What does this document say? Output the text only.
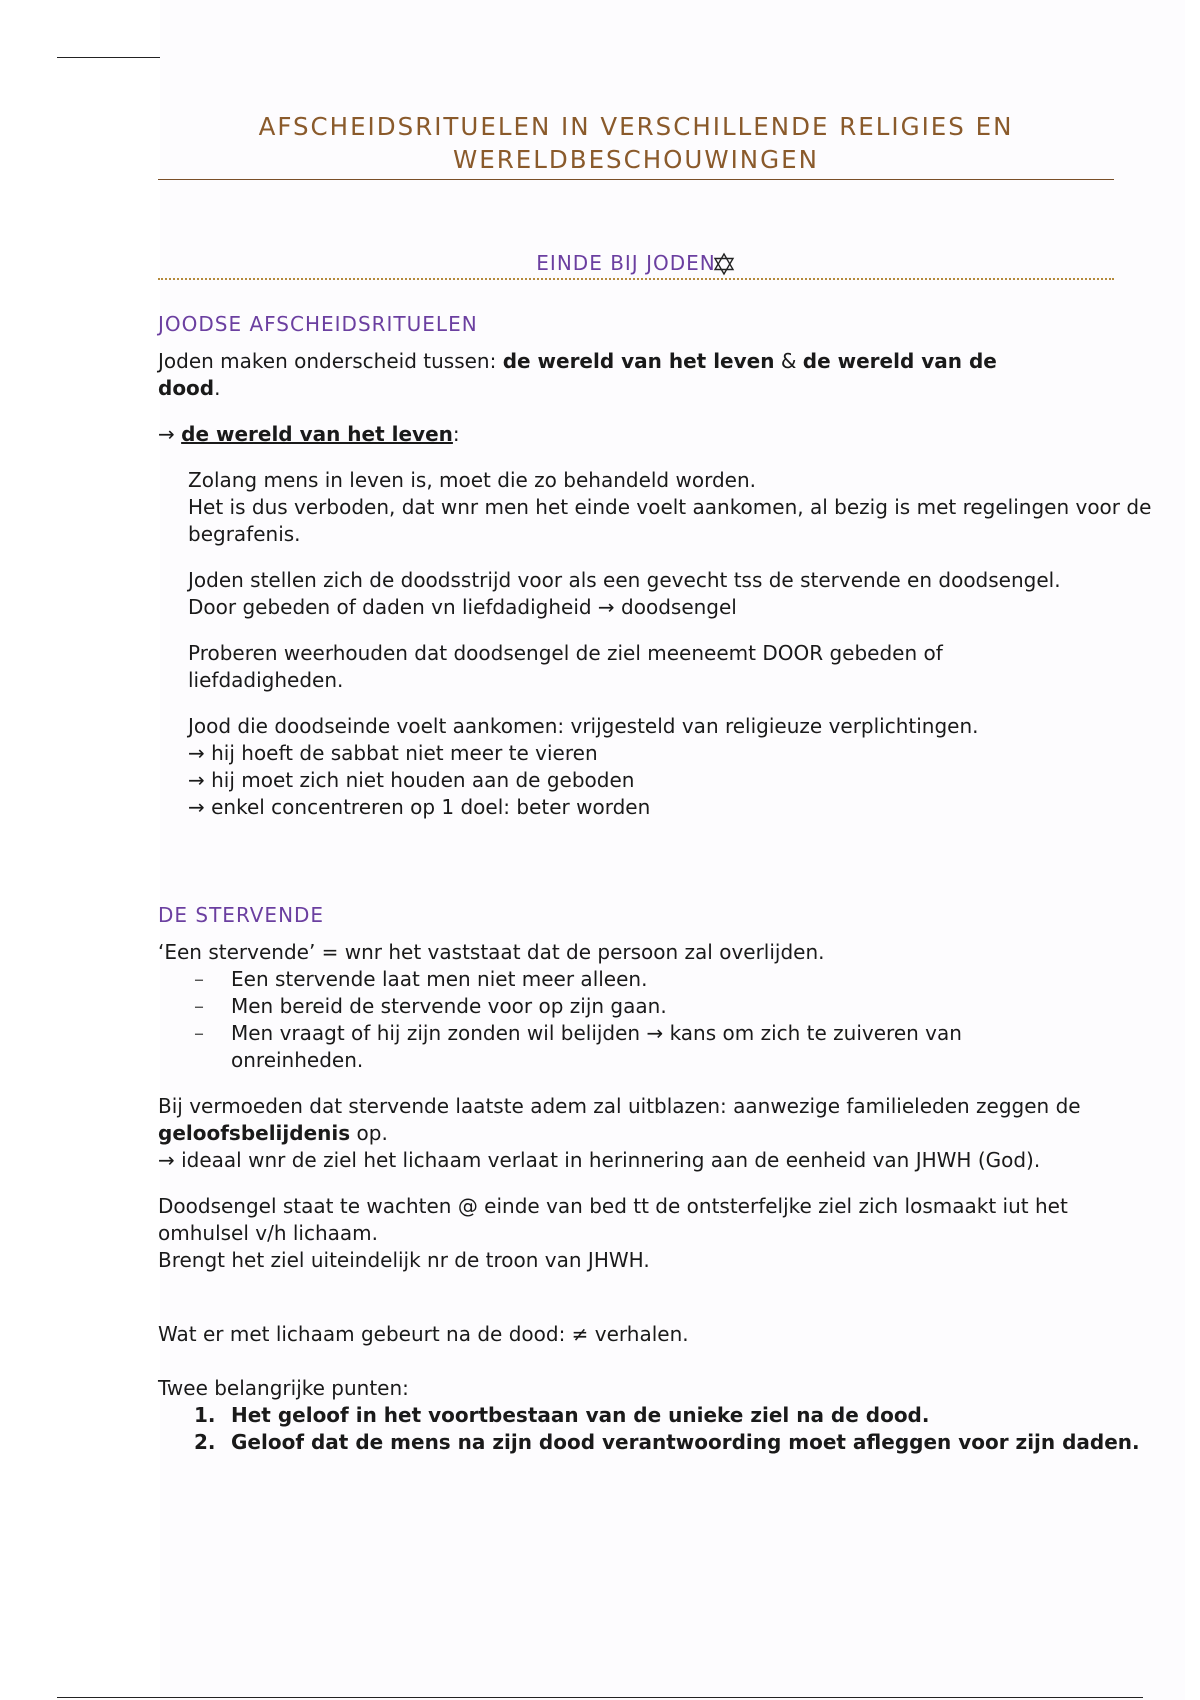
AFSCHEIDSRITUELEN IN VERSCHILLENDE RELIGIES EN WERELDBESCHOUWINGEN
EINDE BIJ JODEN
JOODSE AFSCHEIDSRITUELEN

Joden maken onderscheid tussen: de wereld van het leven & de wereld van de dood.

→ de wereld van het leven:

Zolang mens in leven is, moet die zo behandeld worden.
Het is dus verboden, dat wnr men het einde voelt aankomen, al bezig is met regelingen voor de begrafenis.

Joden stellen zich de doodsstrijd voor als een gevecht tss de stervende en doodsengel.
Door gebeden of daden vn liefdadigheid → doodsengel

Proberen weerhouden dat doodsengel de ziel meeneemt DOOR gebeden of liefdadigheden.

Jood die doodseinde voelt aankomen: vrijgesteld van religieuze verplichtingen.
→ hij hoeft de sabbat niet meer te vieren
→ hij moet zich niet houden aan de geboden
→ enkel concentreren op 1 doel: beter worden

DE STERVENDE

‘Een stervende’ = wnr het vaststaat dat de persoon zal overlijden.

– Een stervende laat men niet meer alleen.
– Men bereid de stervende voor op zijn gaan.
– Men vraagt of hij zijn zonden wil belijden → kans om zich te zuiveren van onreinheden.

Bij vermoeden dat stervende laatste adem zal uitblazen: aanwezige familieleden zeggen de geloofsbelijdenis op.
→ ideaal wnr de ziel het lichaam verlaat in herinnering aan de eenheid van JHWH (God).

Doodsengel staat te wachten @ einde van bed tt de ontsterfeljke ziel zich losmaakt iut het omhulsel v/h lichaam.
Brengt het ziel uiteindelijk nr de troon van JHWH.

Wat er met lichaam gebeurt na de dood: ≠ verhalen.

Twee belangrijke punten:

1. Het geloof in het voortbestaan van de unieke ziel na de dood.
2. Geloof dat de mens na zijn dood verantwoording moet afleggen voor zijn daden.
